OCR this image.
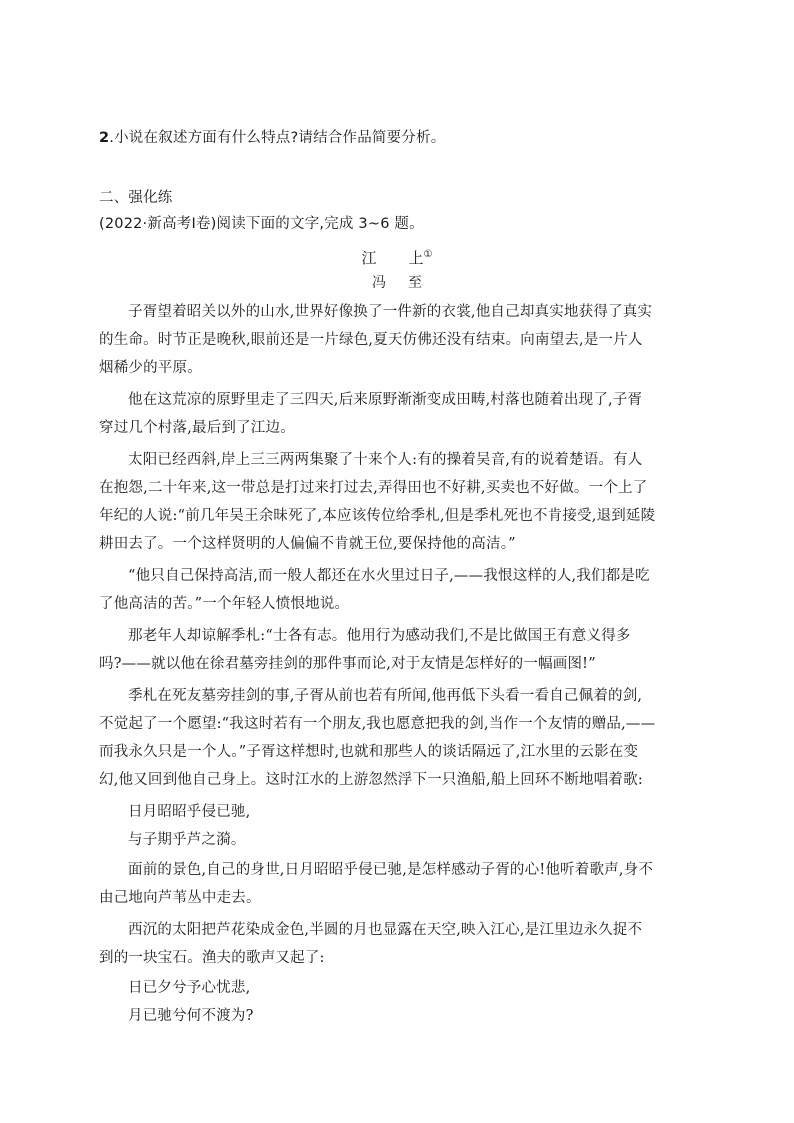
2.小说在叙述方面有什么特点?请结合作品简要分析。
二、强化练
(2022·新高考Ⅰ卷)阅读下面的文字,完成 3~6 题。
江 上①
冯 至
子胥望着昭关以外的山水,世界好像换了一件新的衣裳,他自己却真实地获得了真实
的生命。时节正是晚秋,眼前还是一片绿色,夏天仿佛还没有结束。向南望去,是一片人
烟稀少的平原。
他在这荒凉的原野里走了三四天,后来原野渐渐变成田畴,村落也随着出现了,子胥
穿过几个村落,最后到了江边。
太阳已经西斜,岸上三三两两集聚了十来个人:有的操着吴音,有的说着楚语。有人
在抱怨,二十年来,这一带总是打过来打过去,弄得田也不好耕,买卖也不好做。一个上了
年纪的人说:“前几年吴王余昧死了,本应该传位给季札,但是季札死也不肯接受,退到延陵
耕田去了。一个这样贤明的人偏偏不肯就王位,要保持他的高洁。”
“他只自己保持高洁,而一般人都还在水火里过日子,——我恨这样的人,我们都是吃
了他高洁的苦。”一个年轻人愤恨地说。
那老年人却谅解季札:“士各有志。他用行为感动我们,不是比做国王有意义得多
吗?——就以他在徐君墓旁挂剑的那件事而论,对于友情是怎样好的一幅画图!”
季札在死友墓旁挂剑的事,子胥从前也若有所闻,他再低下头看一看自己佩着的剑,
不觉起了一个愿望:“我这时若有一个朋友,我也愿意把我的剑,当作一个友情的赠品,——
而我永久只是一个人。”子胥这样想时,也就和那些人的谈话隔远了,江水里的云影在变
幻,他又回到他自己身上。这时江水的上游忽然浮下一只渔船,船上回环不断地唱着歌:
日月昭昭乎侵已驰,
与子期乎芦之漪。
面前的景色,自己的身世,日月昭昭乎侵已驰,是怎样感动子胥的心!他听着歌声,身不
由己地向芦苇丛中走去。
西沉的太阳把芦花染成金色,半圆的月也显露在天空,映入江心,是江里边永久捉不
到的一块宝石。渔夫的歌声又起了:
日已夕兮予心忧悲,
月已驰兮何不渡为?
